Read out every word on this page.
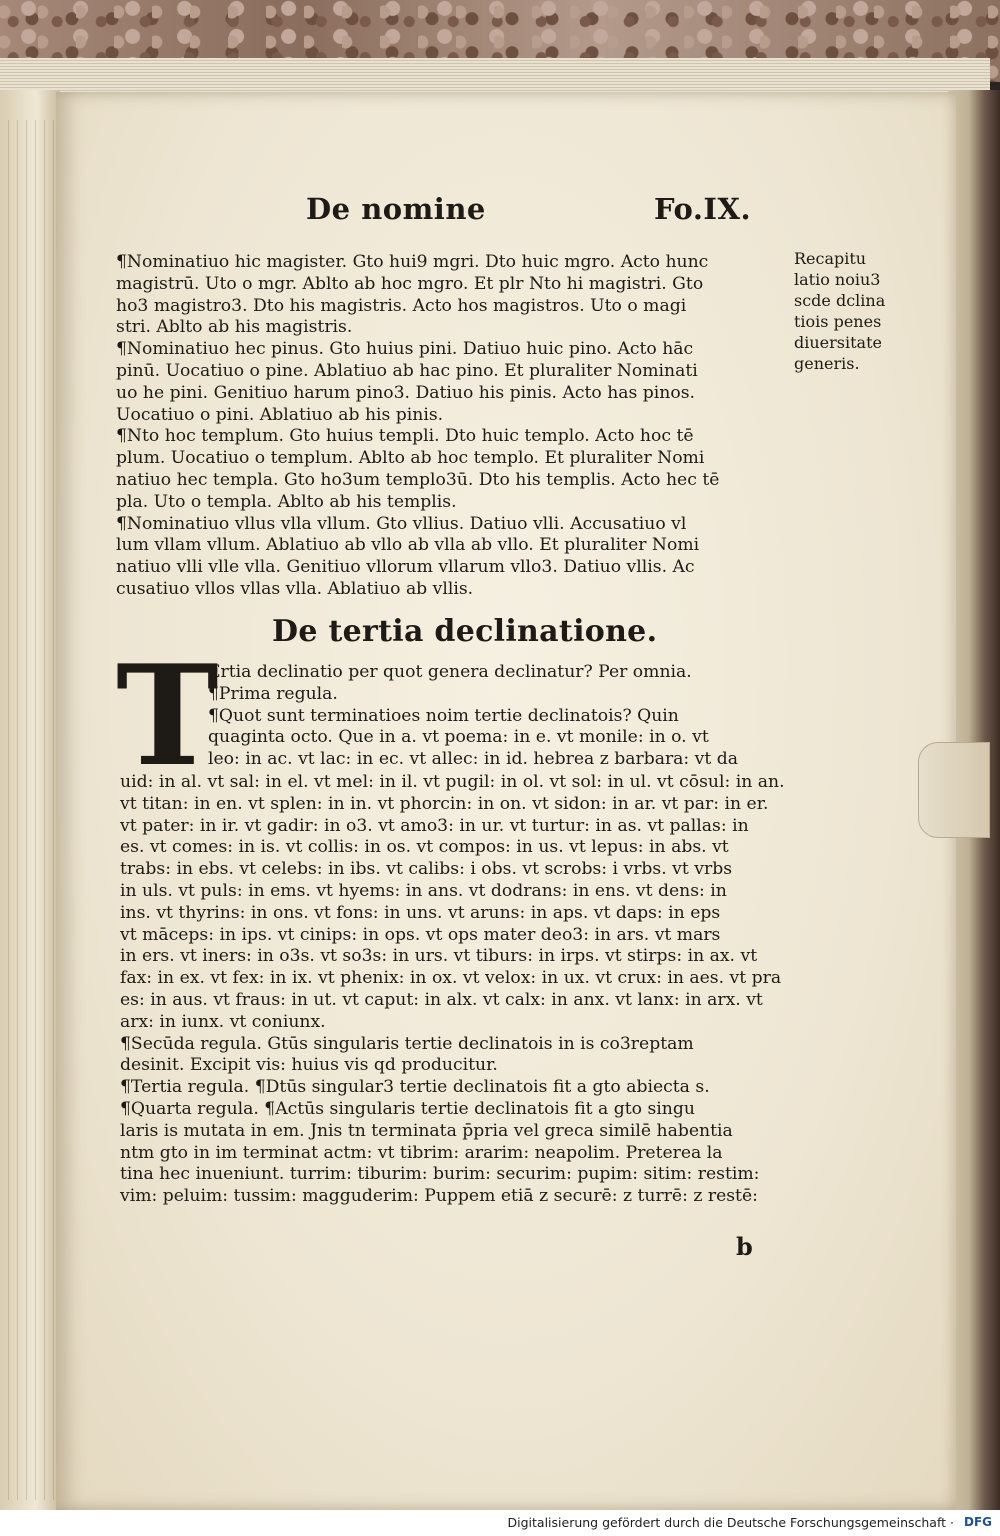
De nomine	Fo.IX.
Recapitu
latio noiu3
scde dclina
tiois penes
diuersitate
generis.
¶Nominatiuo hic magister. Gto hui9 mgri. Dto huic mgro. Acto hunc
magistrū. Uto o mgr. Ablto ab hoc mgro. Et plr Nto hi magistri. Gto
ho3 magistro3. Dto his magistris. Acto hos magistros. Uto o magi
stri. Ablto ab his magistris.
¶Nominatiuo hec pinus. Gto huius pini. Datiuo huic pino. Acto hāc
pinū. Uocatiuo o pine. Ablatiuo ab hac pino. Et pluraliter Nominati
uo he pini. Genitiuo harum pino3. Datiuo his pinis. Acto has pinos.
Uocatiuo o pini. Ablatiuo ab his pinis.
¶Nto hoc templum. Gto huius templi. Dto huic templo. Acto hoc tē
plum. Uocatiuo o templum. Ablto ab hoc templo. Et pluraliter Nomi
natiuo hec templa. Gto ho3um templo3ū. Dto his templis. Acto hec tē
pla. Uto o templa. Ablto ab his templis.
¶Nominatiuo vllus vlla vllum. Gto vllius. Datiuo vlli. Accusatiuo vl
lum vllam vllum. Ablatiuo ab vllo ab vlla ab vllo. Et pluraliter Nomi
natiuo vlli vlle vlla. Genitiuo vllorum vllarum vllo3. Datiuo vllis. Ac
cusatiuo vllos vllas vlla. Ablatiuo ab vllis.
De tertia declinatione.
T
Ertia declinatio per quot genera declinatur? Per omnia.
¶Prima regula.
¶Quot sunt terminatioes noim tertie declinatois? Quin
quaginta octo. Que in a. vt poema: in e. vt monile: in o. vt
leo: in ac. vt lac: in ec. vt allec: in id. hebrea z barbara: vt da
uid: in al. vt sal: in el. vt mel: in il. vt pugil: in ol. vt sol: in ul. vt cōsul: in an.
vt titan: in en. vt splen: in in. vt phorcin: in on. vt sidon: in ar. vt par: in er.
vt pater: in ir. vt gadir: in o3. vt amo3: in ur. vt turtur: in as. vt pallas: in
es. vt comes: in is. vt collis: in os. vt compos: in us. vt lepus: in abs. vt
trabs: in ebs. vt celebs: in ibs. vt calibs: i obs. vt scrobs: i vrbs. vt vrbs
in uls. vt puls: in ems. vt hyems: in ans. vt dodrans: in ens. vt dens: in
ins. vt thyrins: in ons. vt fons: in uns. vt aruns: in aps. vt daps: in eps
vt māceps: in ips. vt cinips: in ops. vt ops mater deo3: in ars. vt mars
in ers. vt iners: in o3s. vt so3s: in urs. vt tiburs: in irps. vt stirps: in ax. vt
fax: in ex. vt fex: in ix. vt phenix: in ox. vt velox: in ux. vt crux: in aes. vt pra
es: in aus. vt fraus: in ut. vt caput: in alx. vt calx: in anx. vt lanx: in arx. vt
arx: in iunx. vt coniunx.
¶Secūda regula. Gtūs singularis tertie declinatois in is co3reptam
desinit. Excipit vis: huius vis qd producitur.
¶Tertia regula. ¶Dtūs singular3 tertie declinatois fit a gto abiecta s.
¶Quarta regula. ¶Actūs singularis tertie declinatois fit a gto singu
laris is mutata in em. Jnis tn terminata p̄pria vel greca similē habentia
ntm gto in im terminat actm: vt tibrim: ararim: neapolim. Preterea la
tina hec inueniunt. turrim: tiburim: burim: securim: pupim: sitim: restim:
vim: peluim: tussim: magguderim: Puppem etiā z securē: z turrē: z restē:
b
Digitalisierung gefördert durch die Deutsche Forschungsgemeinschaft · DFG
